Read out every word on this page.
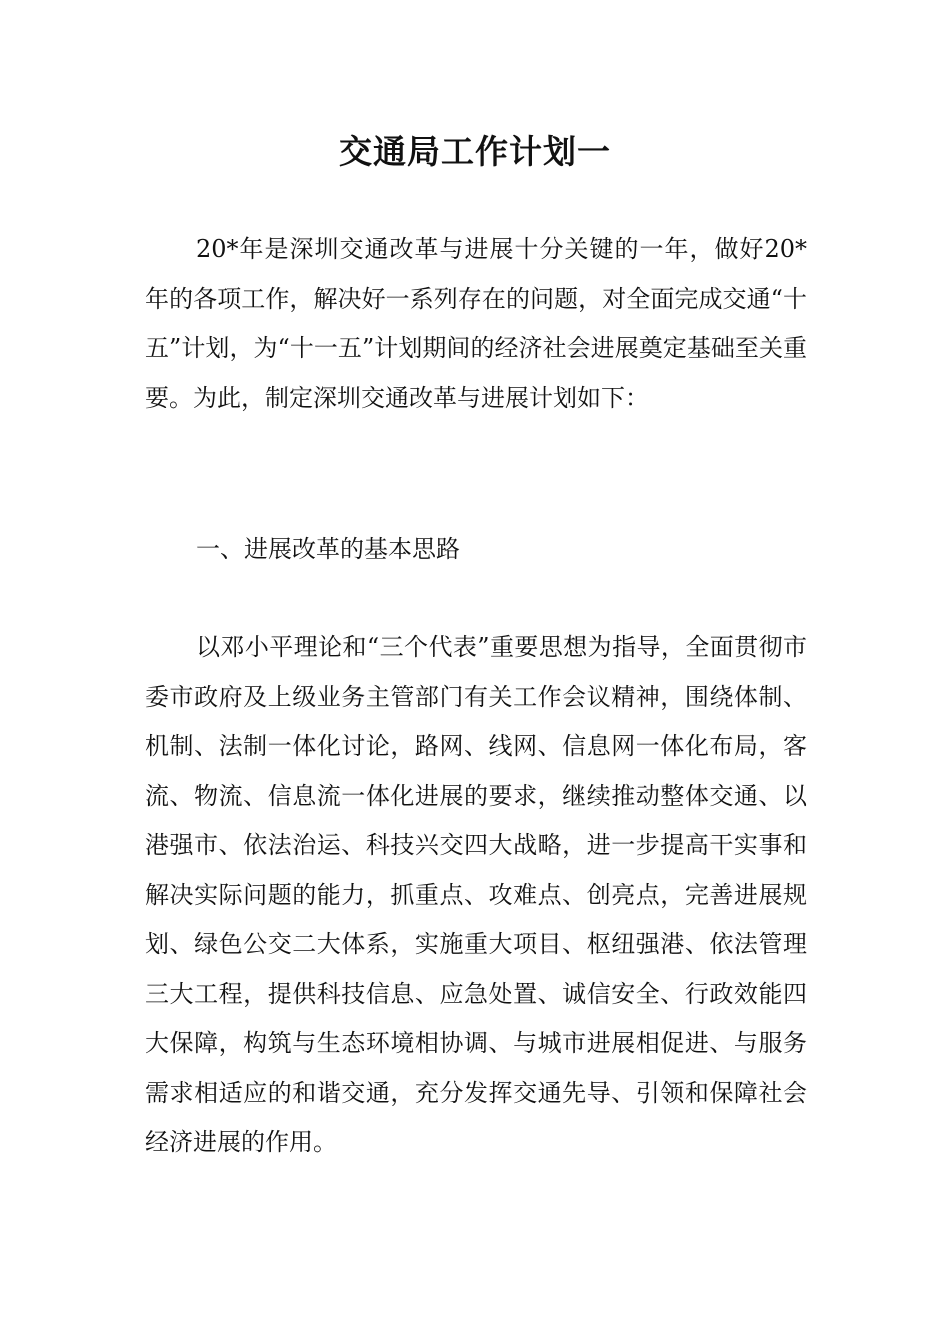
交通局工作计划一

20*年是深圳交通改革与进展十分关键的一年，做好20*年的各项工作，解决好一系列存在的问题，对全面完成交通“十五”计划，为“十一五”计划期间的经济社会进展奠定基础至关重要。为此，制定深圳交通改革与进展计划如下：

一、进展改革的基本思路

以邓小平理论和“三个代表”重要思想为指导，全面贯彻市委市政府及上级业务主管部门有关工作会议精神，围绕体制、机制、法制一体化讨论，路网、线网、信息网一体化布局，客流、物流、信息流一体化进展的要求，继续推动整体交通、以港强市、依法治运、科技兴交四大战略，进一步提高干实事和解决实际问题的能力，抓重点、攻难点、创亮点，完善进展规划、绿色公交二大体系，实施重大项目、枢纽强港、依法管理三大工程，提供科技信息、应急处置、诚信安全、行政效能四大保障，构筑与生态环境相协调、与城市进展相促进、与服务需求相适应的和谐交通，充分发挥交通先导、引领和保障社会经济进展的作用。
